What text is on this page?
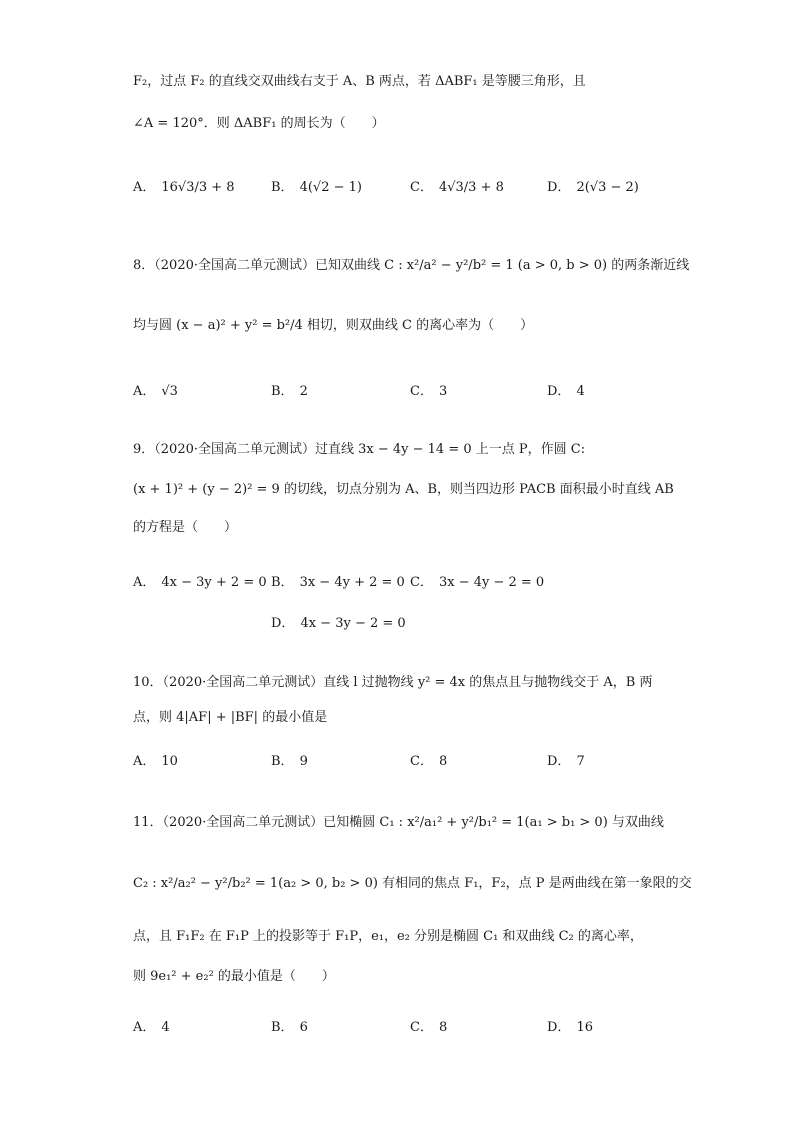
F₂，过点 F₂ 的直线交双曲线右支于 A、B 两点，若 ΔABF₁ 是等腰三角形，且
∠A = 120°．则 ΔABF₁ 的周长为（　　）
A． 16√3/3 + 8	B． 4(√2 − 1)	C． 4√3/3 + 8	D． 2(√3 − 2)
8．（2020·全国高二单元测试）已知双曲线 C : x²/a² − y²/b² = 1 (a > 0, b > 0) 的两条渐近线
均与圆 (x − a)² + y² = b²/4 相切，则双曲线 C 的离心率为（　　）
A． √3	B． 2	C． 3	D． 4
9．（2020·全国高二单元测试）过直线 3x − 4y − 14 = 0 上一点 P，作圆 C:
(x + 1)² + (y − 2)² = 9 的切线，切点分别为 A、B，则当四边形 PACB 面积最小时直线 AB
的方程是（　　）
A． 4x − 3y + 2 = 0 B． 3x − 4y + 2 = 0 C． 3x − 4y − 2 = 0
D． 4x − 3y − 2 = 0
10．（2020·全国高二单元测试）直线 l 过抛物线 y² = 4x 的焦点且与抛物线交于 A，B 两
点，则 4|AF| + |BF| 的最小值是
A． 10	B． 9	C． 8	D． 7
11．（2020·全国高二单元测试）已知椭圆 C₁ : x²/a₁² + y²/b₁² = 1(a₁ > b₁ > 0) 与双曲线
C₂ : x²/a₂² − y²/b₂² = 1(a₂ > 0, b₂ > 0) 有相同的焦点 F₁，F₂，点 P 是两曲线在第一象限的交
点，且 F₁F₂ 在 F₁P 上的投影等于 F₁P，e₁，e₂ 分别是椭圆 C₁ 和双曲线 C₂ 的离心率，
则 9e₁² + e₂² 的最小值是（　　）
A． 4	B． 6	C． 8	D． 16
